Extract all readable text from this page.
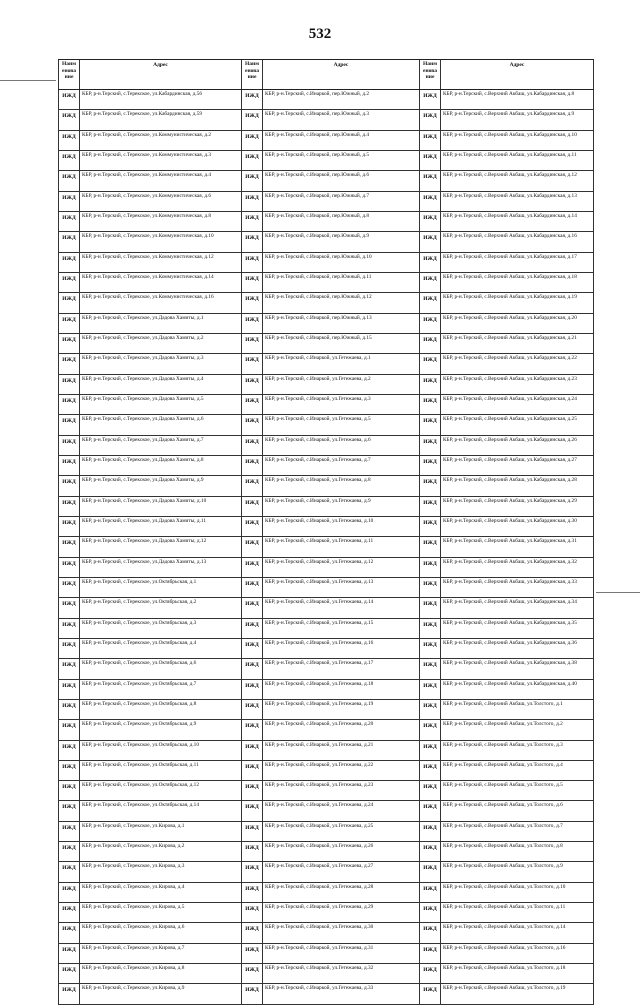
532
Наим енова ние
Адрес	Наим енова ние
Адрес	Наим енова ние
Адрес
ИЖД	КБР, р-н.Терский, с.Терекское, ул.Кабардинская, д.56	ИЖД	КБР, р-н.Терский, с.Инаркой, пер.Южный, д.2	ИЖД	КБР, р-н.Терский, с.Верхний Акбаш, ул.Кабардинская, д.8
ИЖД	КБР, р-н.Терский, с.Терекское, ул.Кабардинская, д.59	ИЖД	КБР, р-н.Терский, с.Инаркой, пер.Южный, д.3	ИЖД	КБР, р-н.Терский, с.Верхний Акбаш, ул.Кабардинская, д.9
ИЖД	КБР, р-н.Терский, с.Терекское, ул.Коммунистическая, д.2	ИЖД	КБР, р-н.Терский, с.Инаркой, пер.Южный, д.4	ИЖД	КБР, р-н.Терский, с.Верхний Акбаш, ул.Кабардинская, д.10
ИЖД	КБР, р-н.Терский, с.Терекское, ул.Коммунистическая, д.3	ИЖД	КБР, р-н.Терский, с.Инаркой, пер.Южный, д.5	ИЖД	КБР, р-н.Терский, с.Верхний Акбаш, ул.Кабардинская, д.11
ИЖД	КБР, р-н.Терский, с.Терекское, ул.Коммунистическая, д.4	ИЖД	КБР, р-н.Терский, с.Инаркой, пер.Южный, д.6	ИЖД	КБР, р-н.Терский, с.Верхний Акбаш, ул.Кабардинская, д.12
ИЖД	КБР, р-н.Терский, с.Терекское, ул.Коммунистическая, д.6	ИЖД	КБР, р-н.Терский, с.Инаркой, пер.Южный, д.7	ИЖД	КБР, р-н.Терский, с.Верхний Акбаш, ул.Кабардинская, д.13
ИЖД	КБР, р-н.Терский, с.Терекское, ул.Коммунистическая, д.8	ИЖД	КБР, р-н.Терский, с.Инаркой, пер.Южный, д.8	ИЖД	КБР, р-н.Терский, с.Верхний Акбаш, ул.Кабардинская, д.14
ИЖД	КБР, р-н.Терский, с.Терекское, ул.Коммунистическая, д.10	ИЖД	КБР, р-н.Терский, с.Инаркой, пер.Южный, д.9	ИЖД	КБР, р-н.Терский, с.Верхний Акбаш, ул.Кабардинская, д.16
ИЖД	КБР, р-н.Терский, с.Терекское, ул.Коммунистическая, д.12	ИЖД	КБР, р-н.Терский, с.Инаркой, пер.Южный, д.10	ИЖД	КБР, р-н.Терский, с.Верхний Акбаш, ул.Кабардинская, д.17
ИЖД	КБР, р-н.Терский, с.Терекское, ул.Коммунистическая, д.14	ИЖД	КБР, р-н.Терский, с.Инаркой, пер.Южный, д.11	ИЖД	КБР, р-н.Терский, с.Верхний Акбаш, ул.Кабардинская, д.18
ИЖД	КБР, р-н.Терский, с.Терекское, ул.Коммунистическая, д.16	ИЖД	КБР, р-н.Терский, с.Инаркой, пер.Южный, д.12	ИЖД	КБР, р-н.Терский, с.Верхний Акбаш, ул.Кабардинская, д.19
ИЖД	КБР, р-н.Терский, с.Терекское, ул.Дадова Хамиты, д.1	ИЖД	КБР, р-н.Терский, с.Инаркой, пер.Южный, д.13	ИЖД	КБР, р-н.Терский, с.Верхний Акбаш, ул.Кабардинская, д.20
ИЖД	КБР, р-н.Терский, с.Терекское, ул.Дадова Хамиты, д.2	ИЖД	КБР, р-н.Терский, с.Инаркой, пер.Южный, д.15	ИЖД	КБР, р-н.Терский, с.Верхний Акбаш, ул.Кабардинская, д.21
ИЖД	КБР, р-н.Терский, с.Терекское, ул.Дадова Хамиты, д.3	ИЖД	КБР, р-н.Терский, с.Инаркой, ул.Гетежаева, д.1	ИЖД	КБР, р-н.Терский, с.Верхний Акбаш, ул.Кабардинская, д.22
ИЖД	КБР, р-н.Терский, с.Терекское, ул.Дадова Хамиты, д.4	ИЖД	КБР, р-н.Терский, с.Инаркой, ул.Гетежаева, д.2	ИЖД	КБР, р-н.Терский, с.Верхний Акбаш, ул.Кабардинская, д.23
ИЖД	КБР, р-н.Терский, с.Терекское, ул.Дадова Хамиты, д.5	ИЖД	КБР, р-н.Терский, с.Инаркой, ул.Гетежаева, д.3	ИЖД	КБР, р-н.Терский, с.Верхний Акбаш, ул.Кабардинская, д.24
ИЖД	КБР, р-н.Терский, с.Терекское, ул.Дадова Хамиты, д.6	ИЖД	КБР, р-н.Терский, с.Инаркой, ул.Гетежаева, д.5	ИЖД	КБР, р-н.Терский, с.Верхний Акбаш, ул.Кабардинская, д.25
ИЖД	КБР, р-н.Терский, с.Терекское, ул.Дадова Хамиты, д.7	ИЖД	КБР, р-н.Терский, с.Инаркой, ул.Гетежаева, д.6	ИЖД	КБР, р-н.Терский, с.Верхний Акбаш, ул.Кабардинская, д.26
ИЖД	КБР, р-н.Терский, с.Терекское, ул.Дадова Хамиты, д.8	ИЖД	КБР, р-н.Терский, с.Инаркой, ул.Гетежаева, д.7	ИЖД	КБР, р-н.Терский, с.Верхний Акбаш, ул.Кабардинская, д.27
ИЖД	КБР, р-н.Терский, с.Терекское, ул.Дадова Хамиты, д.9	ИЖД	КБР, р-н.Терский, с.Инаркой, ул.Гетежаева, д.8	ИЖД	КБР, р-н.Терский, с.Верхний Акбаш, ул.Кабардинская, д.28
ИЖД	КБР, р-н.Терский, с.Терекское, ул.Дадова Хамиты, д.10	ИЖД	КБР, р-н.Терский, с.Инаркой, ул.Гетежаева, д.9	ИЖД	КБР, р-н.Терский, с.Верхний Акбаш, ул.Кабардинская, д.29
ИЖД	КБР, р-н.Терский, с.Терекское, ул.Дадова Хамиты, д.11	ИЖД	КБР, р-н.Терский, с.Инаркой, ул.Гетежаева, д.10	ИЖД	КБР, р-н.Терский, с.Верхний Акбаш, ул.Кабардинская, д.30
ИЖД	КБР, р-н.Терский, с.Терекское, ул.Дадова Хамиты, д.12	ИЖД	КБР, р-н.Терский, с.Инаркой, ул.Гетежаева, д.11	ИЖД	КБР, р-н.Терский, с.Верхний Акбаш, ул.Кабардинская, д.31
ИЖД	КБР, р-н.Терский, с.Терекское, ул.Дадова Хамиты, д.13	ИЖД	КБР, р-н.Терский, с.Инаркой, ул.Гетежаева, д.12	ИЖД	КБР, р-н.Терский, с.Верхний Акбаш, ул.Кабардинская, д.32
ИЖД	КБР, р-н.Терский, с.Терекское, ул.Октябрьская, д.1	ИЖД	КБР, р-н.Терский, с.Инаркой, ул.Гетежаева, д.13	ИЖД	КБР, р-н.Терский, с.Верхний Акбаш, ул.Кабардинская, д.33
ИЖД	КБР, р-н.Терский, с.Терекское, ул.Октябрьская, д.2	ИЖД	КБР, р-н.Терский, с.Инаркой, ул.Гетежаева, д.14	ИЖД	КБР, р-н.Терский, с.Верхний Акбаш, ул.Кабардинская, д.34
ИЖД	КБР, р-н.Терский, с.Терекское, ул.Октябрьская, д.3	ИЖД	КБР, р-н.Терский, с.Инаркой, ул.Гетежаева, д.15	ИЖД	КБР, р-н.Терский, с.Верхний Акбаш, ул.Кабардинская, д.35
ИЖД	КБР, р-н.Терский, с.Терекское, ул.Октябрьская, д.4	ИЖД	КБР, р-н.Терский, с.Инаркой, ул.Гетежаева, д.16	ИЖД	КБР, р-н.Терский, с.Верхний Акбаш, ул.Кабардинская, д.36
ИЖД	КБР, р-н.Терский, с.Терекское, ул.Октябрьская, д.6	ИЖД	КБР, р-н.Терский, с.Инаркой, ул.Гетежаева, д.17	ИЖД	КБР, р-н.Терский, с.Верхний Акбаш, ул.Кабардинская, д.38
ИЖД	КБР, р-н.Терский, с.Терекское, ул.Октябрьская, д.7	ИЖД	КБР, р-н.Терский, с.Инаркой, ул.Гетежаева, д.18	ИЖД	КБР, р-н.Терский, с.Верхний Акбаш, ул.Кабардинская, д.40
ИЖД	КБР, р-н.Терский, с.Терекское, ул.Октябрьская, д.8	ИЖД	КБР, р-н.Терский, с.Инаркой, ул.Гетежаева, д.19	ИЖД	КБР, р-н.Терский, с.Верхний Акбаш, ул.Толстого, д.1
ИЖД	КБР, р-н.Терский, с.Терекское, ул.Октябрьская, д.9	ИЖД	КБР, р-н.Терский, с.Инаркой, ул.Гетежаева, д.20	ИЖД	КБР, р-н.Терский, с.Верхний Акбаш, ул.Толстого, д.2
ИЖД	КБР, р-н.Терский, с.Терекское, ул.Октябрьская, д.10	ИЖД	КБР, р-н.Терский, с.Инаркой, ул.Гетежаева, д.21	ИЖД	КБР, р-н.Терский, с.Верхний Акбаш, ул.Толстого, д.3
ИЖД	КБР, р-н.Терский, с.Терекское, ул.Октябрьская, д.11	ИЖД	КБР, р-н.Терский, с.Инаркой, ул.Гетежаева, д.22	ИЖД	КБР, р-н.Терский, с.Верхний Акбаш, ул.Толстого, д.4
ИЖД	КБР, р-н.Терский, с.Терекское, ул.Октябрьская, д.12	ИЖД	КБР, р-н.Терский, с.Инаркой, ул.Гетежаева, д.23	ИЖД	КБР, р-н.Терский, с.Верхний Акбаш, ул.Толстого, д.5
ИЖД	КБР, р-н.Терский, с.Терекское, ул.Октябрьская, д.14	ИЖД	КБР, р-н.Терский, с.Инаркой, ул.Гетежаева, д.24	ИЖД	КБР, р-н.Терский, с.Верхний Акбаш, ул.Толстого, д.6
ИЖД	КБР, р-н.Терский, с.Терекское, ул.Кирова, д.1	ИЖД	КБР, р-н.Терский, с.Инаркой, ул.Гетежаева, д.25	ИЖД	КБР, р-н.Терский, с.Верхний Акбаш, ул.Толстого, д.7
ИЖД	КБР, р-н.Терский, с.Терекское, ул.Кирова, д.2	ИЖД	КБР, р-н.Терский, с.Инаркой, ул.Гетежаева, д.26	ИЖД	КБР, р-н.Терский, с.Верхний Акбаш, ул.Толстого, д.8
ИЖД	КБР, р-н.Терский, с.Терекское, ул.Кирова, д.3	ИЖД	КБР, р-н.Терский, с.Инаркой, ул.Гетежаева, д.27	ИЖД	КБР, р-н.Терский, с.Верхний Акбаш, ул.Толстого, д.9
ИЖД	КБР, р-н.Терский, с.Терекское, ул.Кирова, д.4	ИЖД	КБР, р-н.Терский, с.Инаркой, ул.Гетежаева, д.28	ИЖД	КБР, р-н.Терский, с.Верхний Акбаш, ул.Толстого, д.10
ИЖД	КБР, р-н.Терский, с.Терекское, ул.Кирова, д.5	ИЖД	КБР, р-н.Терский, с.Инаркой, ул.Гетежаева, д.29	ИЖД	КБР, р-н.Терский, с.Верхний Акбаш, ул.Толстого, д.11
ИЖД	КБР, р-н.Терский, с.Терекское, ул.Кирова, д.6	ИЖД	КБР, р-н.Терский, с.Инаркой, ул.Гетежаева, д.30	ИЖД	КБР, р-н.Терский, с.Верхний Акбаш, ул.Толстого, д.14
ИЖД	КБР, р-н.Терский, с.Терекское, ул.Кирова, д.7	ИЖД	КБР, р-н.Терский, с.Инаркой, ул.Гетежаева, д.31	ИЖД	КБР, р-н.Терский, с.Верхний Акбаш, ул.Толстого, д.16
ИЖД	КБР, р-н.Терский, с.Терекское, ул.Кирова, д.8	ИЖД	КБР, р-н.Терский, с.Инаркой, ул.Гетежаева, д.32	ИЖД	КБР, р-н.Терский, с.Верхний Акбаш, ул.Толстого, д.18
ИЖД	КБР, р-н.Терский, с.Терекское, ул.Кирова, д.9	ИЖД	КБР, р-н.Терский, с.Инаркой, ул.Гетежаева, д.33	ИЖД	КБР, р-н.Терский, с.Верхний Акбаш, ул.Толстого, д.19
